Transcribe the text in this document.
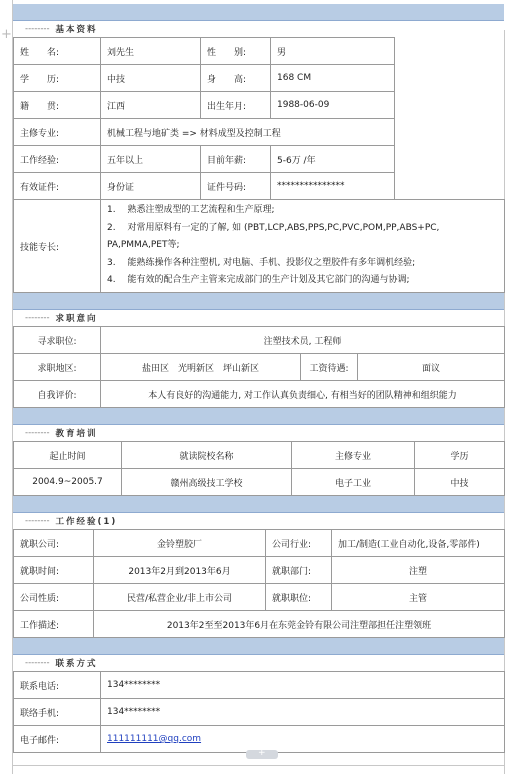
+ -------- 基本资料
姓　　名:	刘先生	性　　别:	男	
学　　历:	中技	身　　高:	168 CM	
籍　　贯:	江西	出生年月:	1988-06-09	
主修专业:	机械工程与地矿类 => 材料成型及控制工程			
工作经验:	五年以上	目前年薪:	5-6万 /年	
有效证件:	身份证	证件号码:	***************	
技能专长:	1.　 熟悉注塑成型的工艺流程和生产原理;
2.　 对常用原料有一定的了解, 如 (PBT,LCP,ABS,PPS,PC,PVC,POM,PP,ABS+PC,
PA,PMMA,PET等;
3.　 能熟练操作各种注塑机, 对电脑、手机、投影仪之塑胶件有多年调机经验;
4.　 能有效的配合生产主管来完成部门的生产计划及其它部门的沟通与协调;			
-------- 求职意向
寻求职位:	注塑技术员, 工程师		
求职地区:	盐田区　光明新区　坪山新区	工资待遇:	面议
自我评价:	本人有良好的沟通能力, 对工作认真负责细心, 有相当好的团队精神和组织能力		
-------- 教育培训
起止时间	就读院校名称	主修专业	学历
2004.9~2005.7	赣州高级技工学校	电子工业	中技
-------- 工作经验(1)
就职公司:	金铃塑胶厂	公司行业:	加工/制造(工业自动化,设备,零部件)
就职时间:	2013年2月到2013年6月	就职部门:	注塑
公司性质:	民营/私营企业/非上市公司	就职职位:	主管
工作描述:	2013年2至至2013年6月在东莞金铃有限公司注塑部担任注塑领班		
-------- 联系方式
联系电话:	134********
联络手机:	134********
电子邮件:	111111111@qq.com
+
